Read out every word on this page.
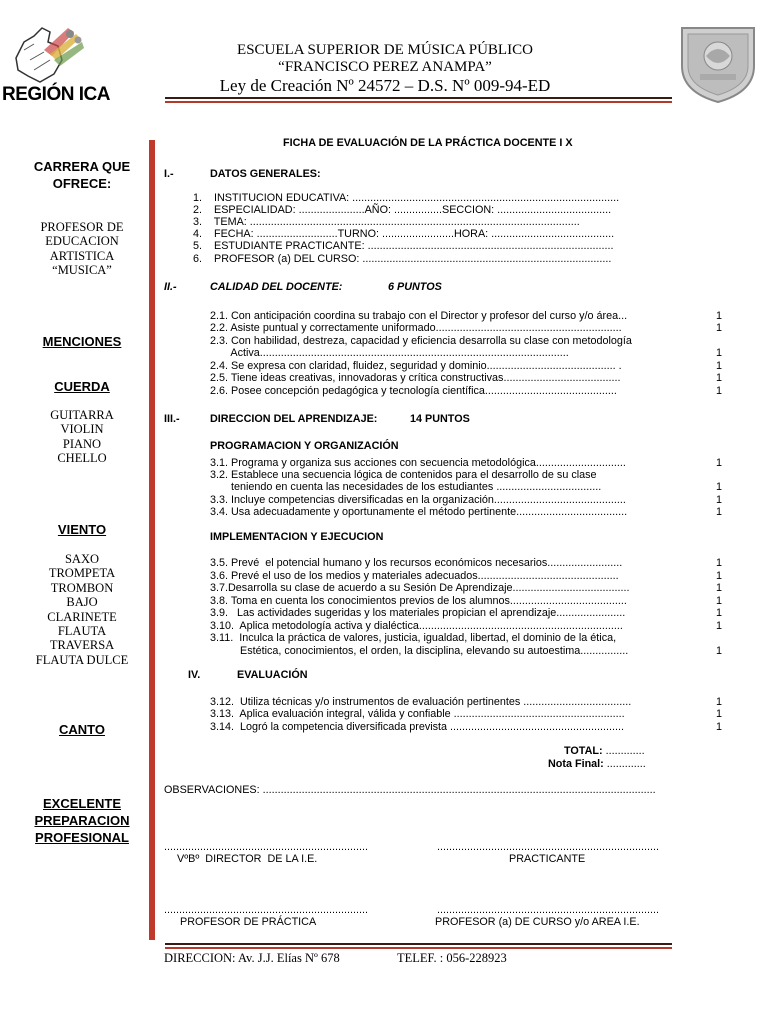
REGIÓN ICA
ESCUELA SUPERIOR DE MÚSICA PÚBLICO
“FRANCISCO PEREZ ANAMPA”
Ley de Creación Nº 24572 – D.S. Nº 009-94-ED
CARRERA QUE OFRECE:
PROFESOR DE
EDUCACION
ARTISTICA
“MUSICA”
MENCIONES
CUERDA
GUITARRA
VIOLIN
PIANO
CHELLO
VIENTO
SAXO
TROMPETA
TROMBON
BAJO
CLARINETE
FLAUTA
TRAVERSA
FLAUTA DULCE
CANTO
EXCELENTE
PREPARACION
PROFESIONAL
FICHA DE EVALUACIÓN DE LA PRÁCTICA DOCENTE I X
I.-	DATOS GENERALES:
1.    INSTITUCION EDUCATIVA: .........................................................................................
2.    ESPECIALIDAD: ......................AÑO: ................SECCION: ......................................
3.    TEMA: ..............................................................................................................
4.    FECHA: ...........................TURNO: ........................HORA: .........................................
5.    ESTUDIANTE PRACTICANTE: ..................................................................................
6.    PROFESOR (a) DEL CURSO: ...................................................................................
II.-	CALIDAD DEL DOCENTE:	6 PUNTOS
2.1. Con anticipación coordina su trabajo con el Director y profesor del curso y/o área...	1
2.2. Asiste puntual y correctamente uniformado..............................................................	1
2.3. Con habilidad, destreza, capacidad y eficiencia desarrolla su clase con metodología
Activa.......................................................................................................	1
2.4. Se expresa con claridad, fluidez, seguridad y dominio........................................... .	1
2.5. Tiene ideas creativas, innovadoras y crítica constructivas.......................................	1
2.6. Posee concepción pedagógica y tecnología científica............................................	1
III.-	DIRECCION DEL APRENDIZAJE:	14 PUNTOS
PROGRAMACION Y ORGANIZACIÓN
3.1. Programa y organiza sus acciones con secuencia metodológica..............................	1
3.2. Establece una secuencia lógica de contenidos para el desarrollo de su clase
teniendo en cuenta las necesidades de los estudiantes ...................................	1
3.3. Incluye competencias diversificadas en la organización............................................	1
3.4. Usa adecuadamente y oportunamente el método pertinente.....................................	1
IMPLEMENTACION Y EJECUCION
3.5. Prevé  el potencial humano y los recursos económicos necesarios.........................	1
3.6. Prevé el uso de los medios y materiales adecuados...............................................	1
3.7.Desarrolla su clase de acuerdo a su Sesión De Aprendizaje.......................................	1
3.8. Toma en cuenta los conocimientos previos de los alumnos.......................................	1
3.9.   Las actividades sugeridas y los materiales propician el aprendizaje.......................	1
3.10.  Aplica metodología activa y dialéctica....................................................................	1
3.11.  Inculca la práctica de valores, justicia, igualdad, libertad, el dominio de la ética,
Estética, conocimientos, el orden, la disciplina, elevando su autoestima................	1
IV.	EVALUACIÓN
3.12.  Utiliza técnicas y/o instrumentos de evaluación pertinentes ....................................	1
3.13.  Aplica evaluación integral, válida y confiable .........................................................	1
3.14.  Logró la competencia diversificada prevista ..........................................................	1
TOTAL: .............
Nota Final: .............
OBSERVACIONES: ...................................................................................................................................
....................................................................	..........................................................................
VºBº  DIRECTOR  DE LA I.E.	PRACTICANTE
....................................................................	..........................................................................
PROFESOR DE PRÁCTICA	PROFESOR (a) DE CURSO y/o AREA I.E.
DIRECCION: Av. J.J. Elías Nº 678	TELEF. : 056-228923
